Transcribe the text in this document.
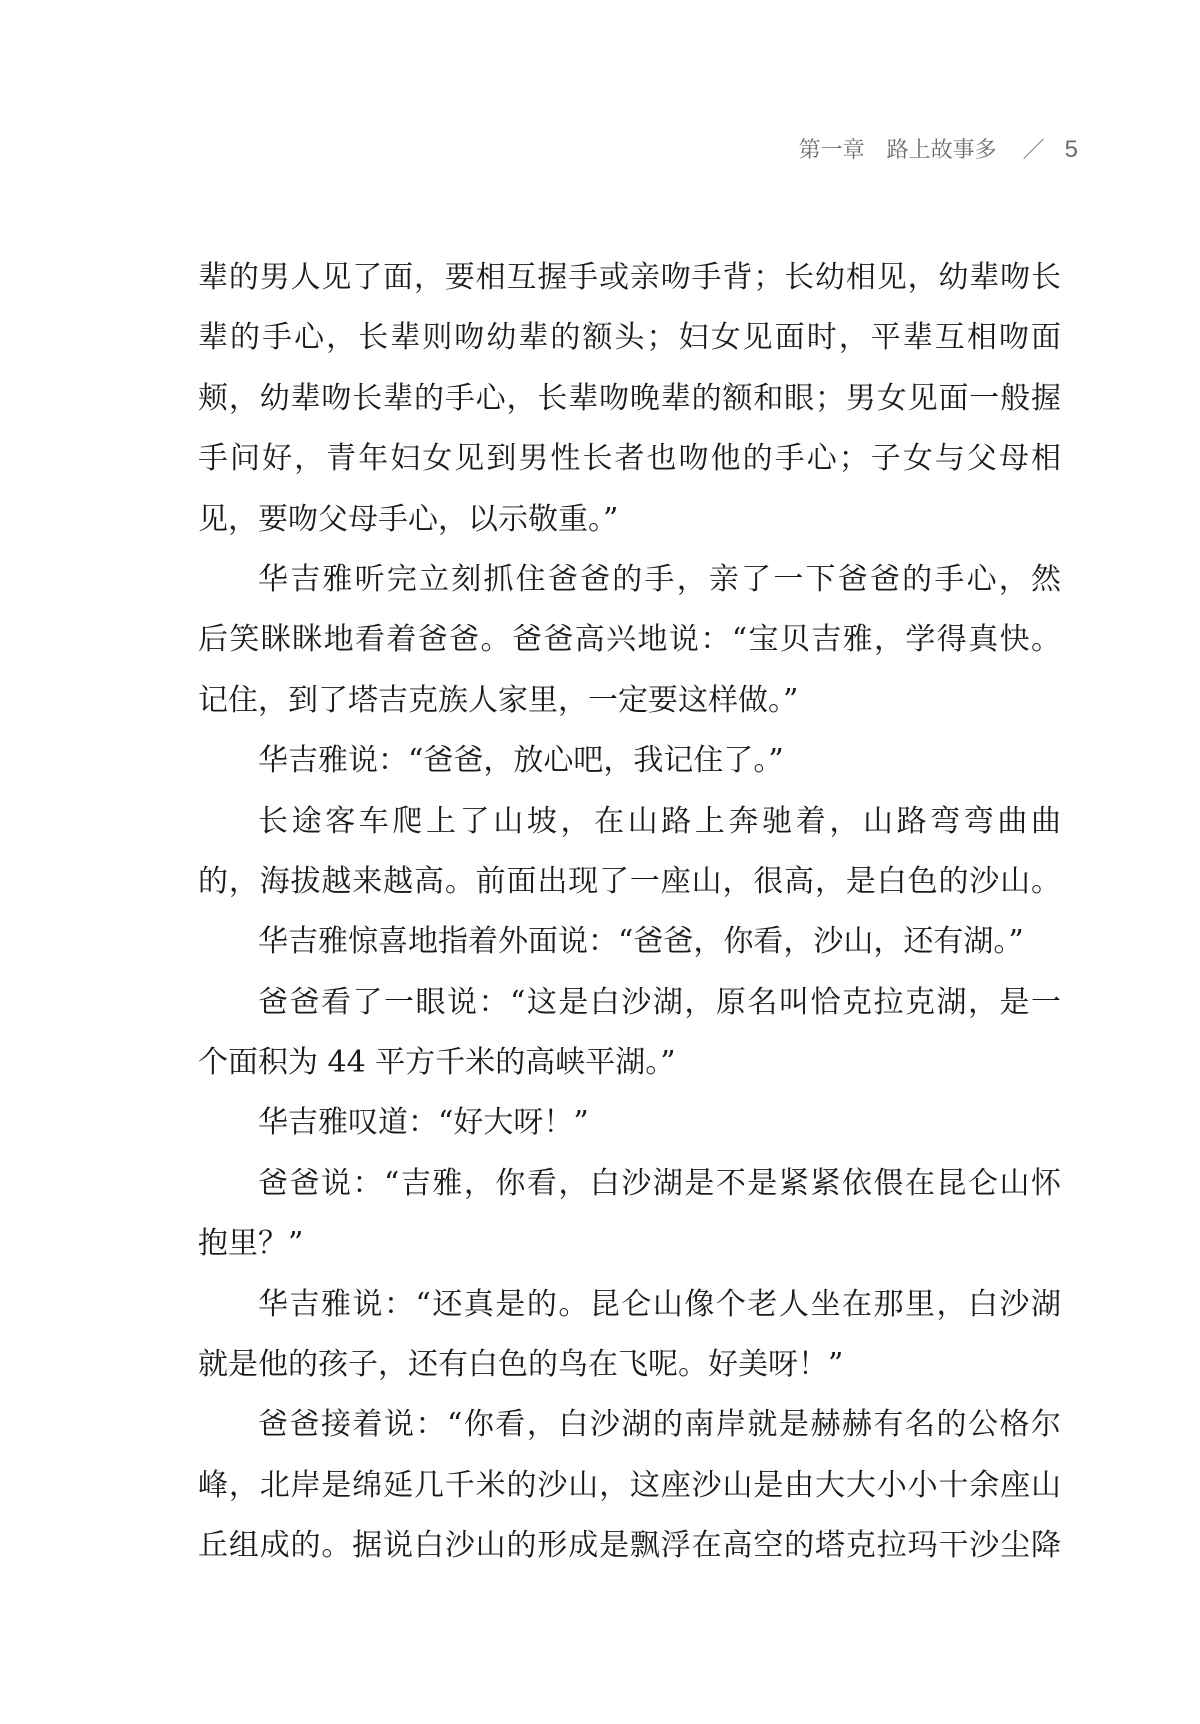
第一章 路上故事多 ／ 5
辈的男人见了面，要相互握手或亲吻手背；长幼相见，幼辈吻长
辈的手心，长辈则吻幼辈的额头；妇女见面时，平辈互相吻面
颊，幼辈吻长辈的手心，长辈吻晚辈的额和眼；男女见面一般握
手问好，青年妇女见到男性长者也吻他的手心；子女与父母相
见，要吻父母手心，以示敬重。”
华吉雅听完立刻抓住爸爸的手，亲了一下爸爸的手心，然
后笑眯眯地看着爸爸。爸爸高兴地说：“宝贝吉雅，学得真快。
记住，到了塔吉克族人家里，一定要这样做。”
华吉雅说：“爸爸，放心吧，我记住了。”
长途客车爬上了山坡，在山路上奔驰着，山路弯弯曲曲
的，海拔越来越高。前面出现了一座山，很高，是白色的沙山。
华吉雅惊喜地指着外面说：“爸爸，你看，沙山，还有湖。”
爸爸看了一眼说：“这是白沙湖，原名叫恰克拉克湖，是一
个面积为 44 平方千米的高峡平湖。”
华吉雅叹道：“好大呀！”
爸爸说：“吉雅，你看，白沙湖是不是紧紧依偎在昆仑山怀
抱里？”
华吉雅说：“还真是的。昆仑山像个老人坐在那里，白沙湖
就是他的孩子，还有白色的鸟在飞呢。好美呀！”
爸爸接着说：“你看，白沙湖的南岸就是赫赫有名的公格尔
峰，北岸是绵延几千米的沙山，这座沙山是由大大小小十余座山
丘组成的。据说白沙山的形成是飘浮在高空的塔克拉玛干沙尘降
